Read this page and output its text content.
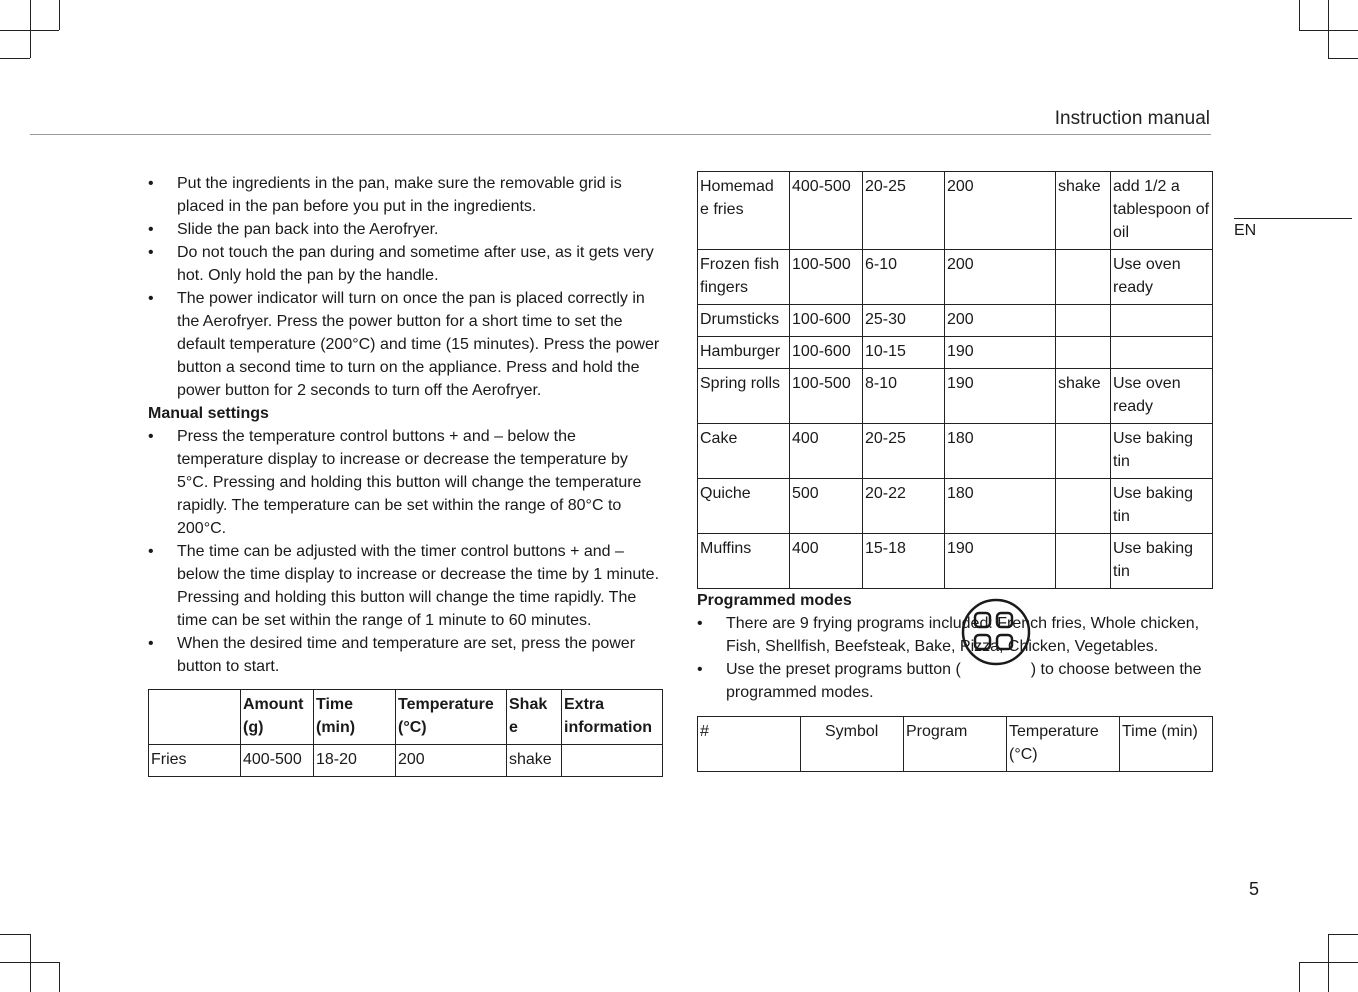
Instruction manual
EN
5
• Put the ingredients in the pan, make sure the removable grid is placed in the pan before you put in the ingredients.
• Slide the pan back into the Aerofryer.
• Do not touch the pan during and sometime after use, as it gets very hot. Only hold the pan by the handle.
• The power indicator will turn on once the pan is placed correctly in the Aerofryer. Press the power button for a short time to set the default temperature (200°C) and time (15 minutes). Press the power button a second time to turn on the appliance. Press and hold the power button for 2 seconds to turn off the Aerofryer.

Manual settings

• Press the temperature control buttons + and – below the temperature display to increase or decrease the temperature by 5°C. Pressing and holding this button will change the temperature rapidly. The temperature can be set within the range of 80°C to 200°C.
• The time can be adjusted with the timer control buttons + and – below the time display to increase or decrease the time by 1 minute. Pressing and holding this button will change the time rapidly. The time can be set within the range of 1 minute to 60 minutes.
• When the desired time and temperature are set, press the power button to start.
	Amount (g)	Time (min)	Temperature (°C)	Shak e	Extra information
Fries	400-500	18-20	200	shake	
Homemad e fries	400-500	20-25	200	shake	add 1/2 a tablespoon of oil
Frozen fish fingers	100-500	6-10	200		Use oven ready
Drumsticks	100-600	25-30	200		
Hamburger	100-600	10-15	190		
Spring rolls	100-500	8-10	190	shake	Use oven ready
Cake	400	20-25	180		Use baking tin
Quiche	500	20-22	180		Use baking tin
Muffins	400	15-18	190		Use baking tin

Programmed modes

• There are 9 frying programs included: French fries, Whole chicken, Fish, Shellfish, Beefsteak, Bake, Pizza, Chicken, Vegetables.
• Use the preset programs button (	) to choose between the programmed modes.
#	Symbol	Program	Temperature (°C)	Time (min)
